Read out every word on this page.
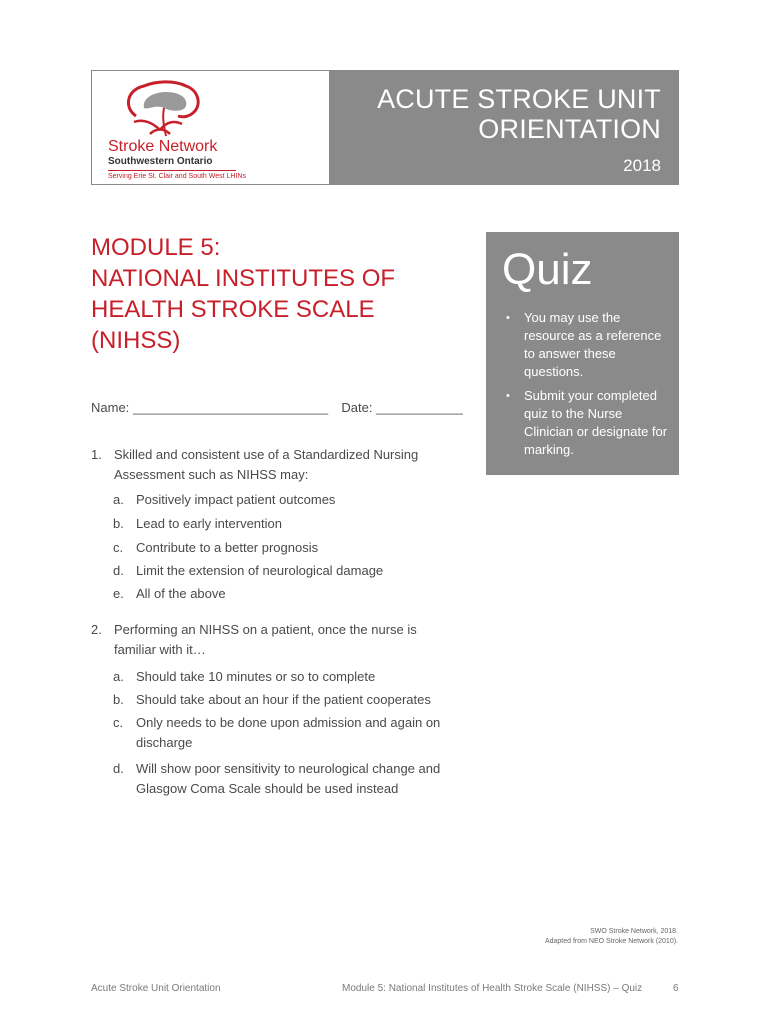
Stroke Network
Southwestern Ontario
Serving Erie St. Clair and South West LHINs
ACUTE STROKE UNIT
ORIENTATION
2018
MODULE 5:
NATIONAL INSTITUTES OF
HEALTH STROKE SCALE
(NIHSS)
Name: ___________________________ Date: ____________
Quiz
• You may use the resource as a reference to answer these questions.
• Submit your completed quiz to the Nurse Clinician or designate for marking.
1. Skilled and consistent use of a Standardized Nursing Assessment such as NIHSS may:
a. Positively impact patient outcomes
b. Lead to early intervention
c. Contribute to a better prognosis
d. Limit the extension of neurological damage
e. All of the above
2. Performing an NIHSS on a patient, once the nurse is familiar with it…
a. Should take 10 minutes or so to complete
b. Should take about an hour if the patient cooperates
c. Only needs to be done upon admission and again on discharge
d. Will show poor sensitivity to neurological change and Glasgow Coma Scale should be used instead
SWO Stroke Network, 2018.
Adapted from NEO Stroke Network (2010).
Acute Stroke Unit Orientation	Module 5: National Institutes of Health Stroke Scale (NIHSS) – Quiz	6
